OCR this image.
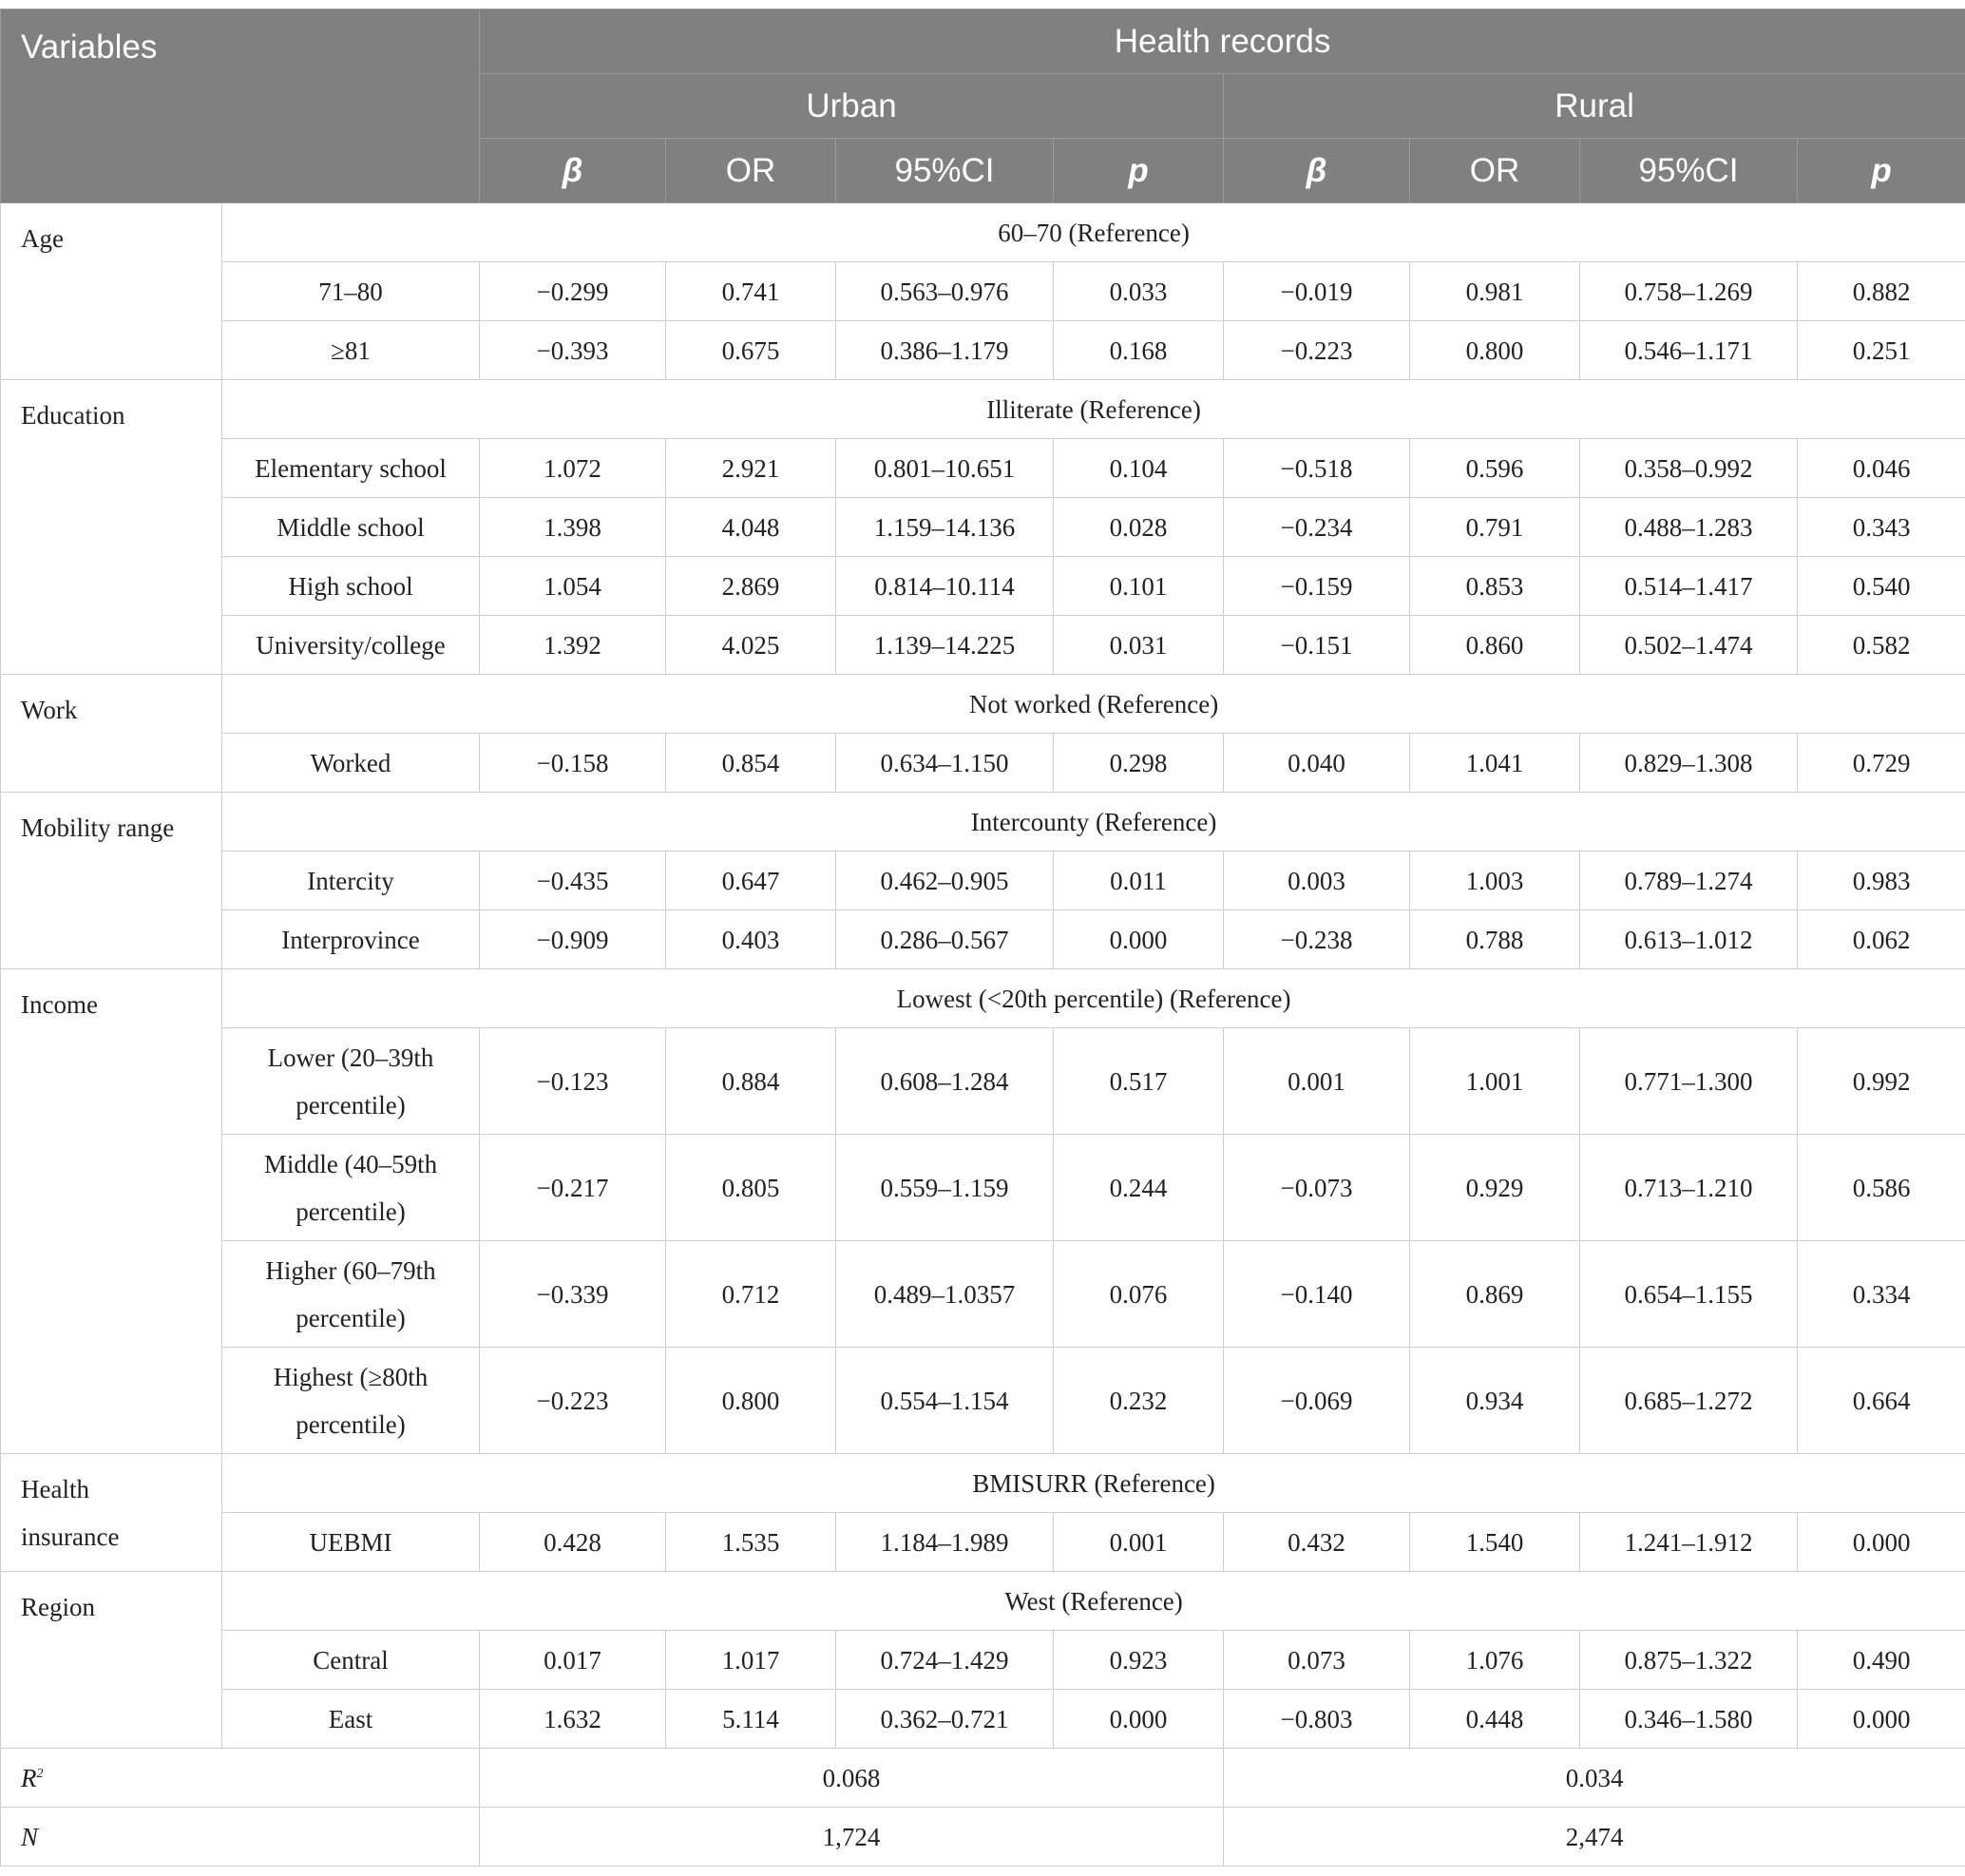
Variables		Health records							
		Urban				Rural			
		β	OR	95%CI	p	β	OR	95%CI	p
Age	60–70 (Reference)								
	71–80	−0.299	0.741	0.563–0.976	0.033	−0.019	0.981	0.758–1.269	0.882
	≥81	−0.393	0.675	0.386–1.179	0.168	−0.223	0.800	0.546–1.171	0.251
Education	Illiterate (Reference)								
	Elementary school	1.072	2.921	0.801–10.651	0.104	−0.518	0.596	0.358–0.992	0.046
	Middle school	1.398	4.048	1.159–14.136	0.028	−0.234	0.791	0.488–1.283	0.343
	High school	1.054	2.869	0.814–10.114	0.101	−0.159	0.853	0.514–1.417	0.540
	University/college	1.392	4.025	1.139–14.225	0.031	−0.151	0.860	0.502–1.474	0.582
Work	Not worked (Reference)								
	Worked	−0.158	0.854	0.634–1.150	0.298	0.040	1.041	0.829–1.308	0.729
Mobility range	Intercounty (Reference)								
	Intercity	−0.435	0.647	0.462–0.905	0.011	0.003	1.003	0.789–1.274	0.983
	Interprovince	−0.909	0.403	0.286–0.567	0.000	−0.238	0.788	0.613–1.012	0.062
Income	Lowest (<20th percentile) (Reference)								
	Lower (20–39th percentile)	−0.123	0.884	0.608–1.284	0.517	0.001	1.001	0.771–1.300	0.992
	Middle (40–59th percentile)	−0.217	0.805	0.559–1.159	0.244	−0.073	0.929	0.713–1.210	0.586
	Higher (60–79th percentile)	−0.339	0.712	0.489–1.0357	0.076	−0.140	0.869	0.654–1.155	0.334
	Highest (≥80th percentile)	−0.223	0.800	0.554–1.154	0.232	−0.069	0.934	0.685–1.272	0.664
Health insurance	BMISURR (Reference)								
	UEBMI	0.428	1.535	1.184–1.989	0.001	0.432	1.540	1.241–1.912	0.000
Region	West (Reference)								
	Central	0.017	1.017	0.724–1.429	0.923	0.073	1.076	0.875–1.322	0.490
	East	1.632	5.114	0.362–0.721	0.000	−0.803	0.448	0.346–1.580	0.000
$R^2$		0.068				0.034			
N		1,724				2,474			
